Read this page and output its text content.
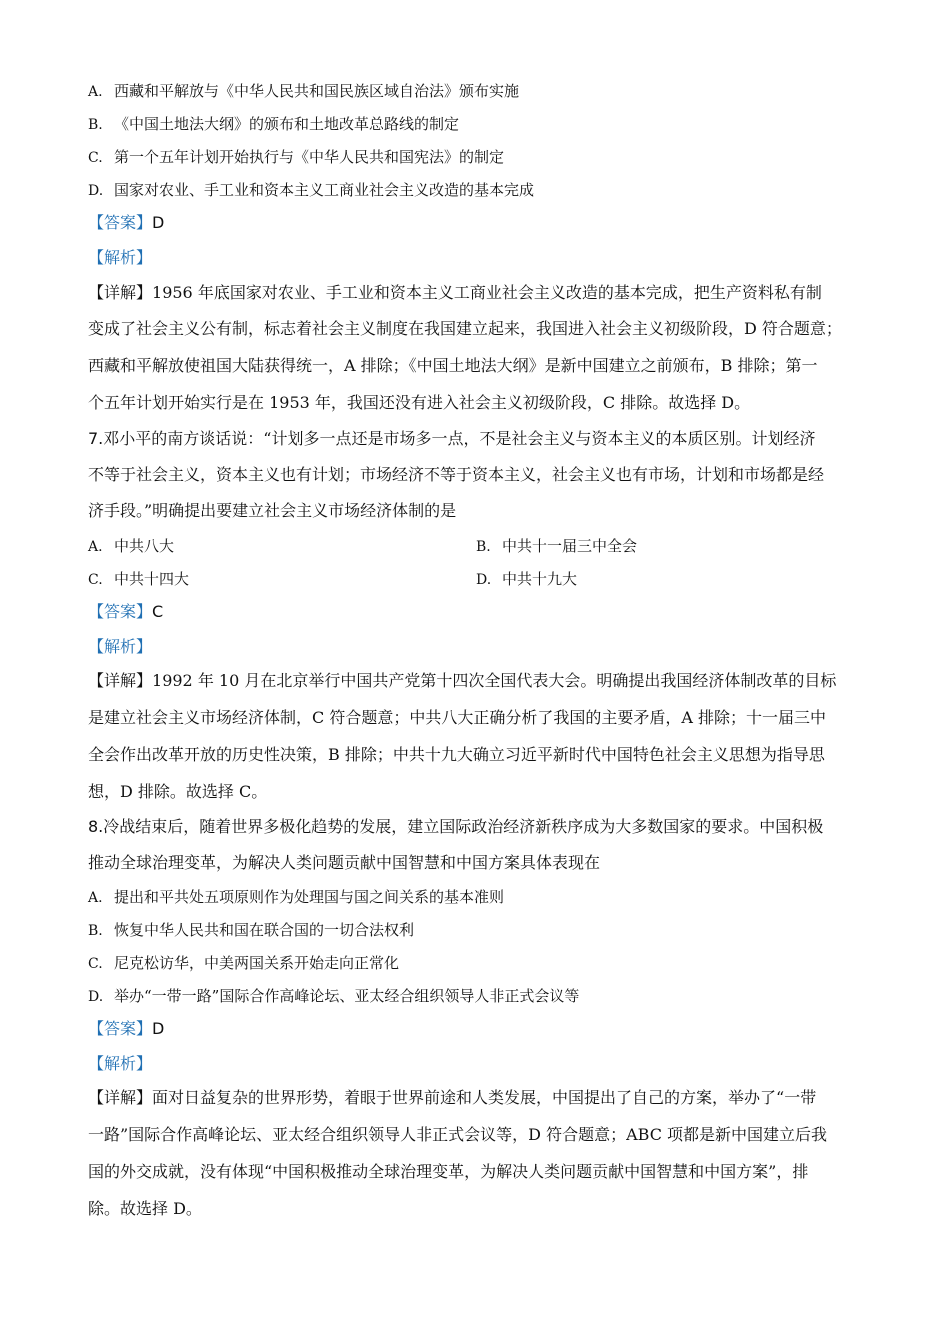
A. 西藏和平解放与《中华人民共和国民族区域自治法》颁布实施
B. 《中国土地法大纲》的颁布和土地改革总路线的制定
C. 第一个五年计划开始执行与《中华人民共和国宪法》的制定
D. 国家对农业、手工业和资本主义工商业社会主义改造的基本完成
【答案】D
【解析】
【详解】1956 年底国家对农业、手工业和资本主义工商业社会主义改造的基本完成，把生产资料私有制
变成了社会主义公有制，标志着社会主义制度在我国建立起来，我国进入社会主义初级阶段，D 符合题意；
西藏和平解放使祖国大陆获得统一，A 排除；《中国土地法大纲》是新中国建立之前颁布，B 排除；第一
个五年计划开始实行是在 1953 年，我国还没有进入社会主义初级阶段，C 排除。故选择 D。
7.邓小平的南方谈话说：“计划多一点还是市场多一点，不是社会主义与资本主义的本质区别。计划经济
不等于社会主义，资本主义也有计划；市场经济不等于资本主义，社会主义也有市场，计划和市场都是经
济手段。”明确提出要建立社会主义市场经济体制的是
A. 中共八大	B. 中共十一届三中全会
C. 中共十四大	D. 中共十九大
【答案】C
【解析】
【详解】1992 年 10 月在北京举行中国共产党第十四次全国代表大会。明确提出我国经济体制改革的目标
是建立社会主义市场经济体制，C 符合题意；中共八大正确分析了我国的主要矛盾，A 排除；十一届三中
全会作出改革开放的历史性决策，B 排除；中共十九大确立习近平新时代中国特色社会主义思想为指导思
想，D 排除。故选择 C。
8.冷战结束后，随着世界多极化趋势的发展，建立国际政治经济新秩序成为大多数国家的要求。中国积极
推动全球治理变革，为解决人类问题贡献中国智慧和中国方案具体表现在
A. 提出和平共处五项原则作为处理国与国之间关系的基本准则
B. 恢复中华人民共和国在联合国的一切合法权利
C. 尼克松访华，中美两国关系开始走向正常化
D. 举办“一带一路”国际合作高峰论坛、亚太经合组织领导人非正式会议等
【答案】D
【解析】
【详解】面对日益复杂的世界形势，着眼于世界前途和人类发展，中国提出了自己的方案，举办了“一带
一路”国际合作高峰论坛、亚太经合组织领导人非正式会议等，D 符合题意；ABC 项都是新中国建立后我
国的外交成就，没有体现“中国积极推动全球治理变革，为解决人类问题贡献中国智慧和中国方案”，排
除。故选择 D。
